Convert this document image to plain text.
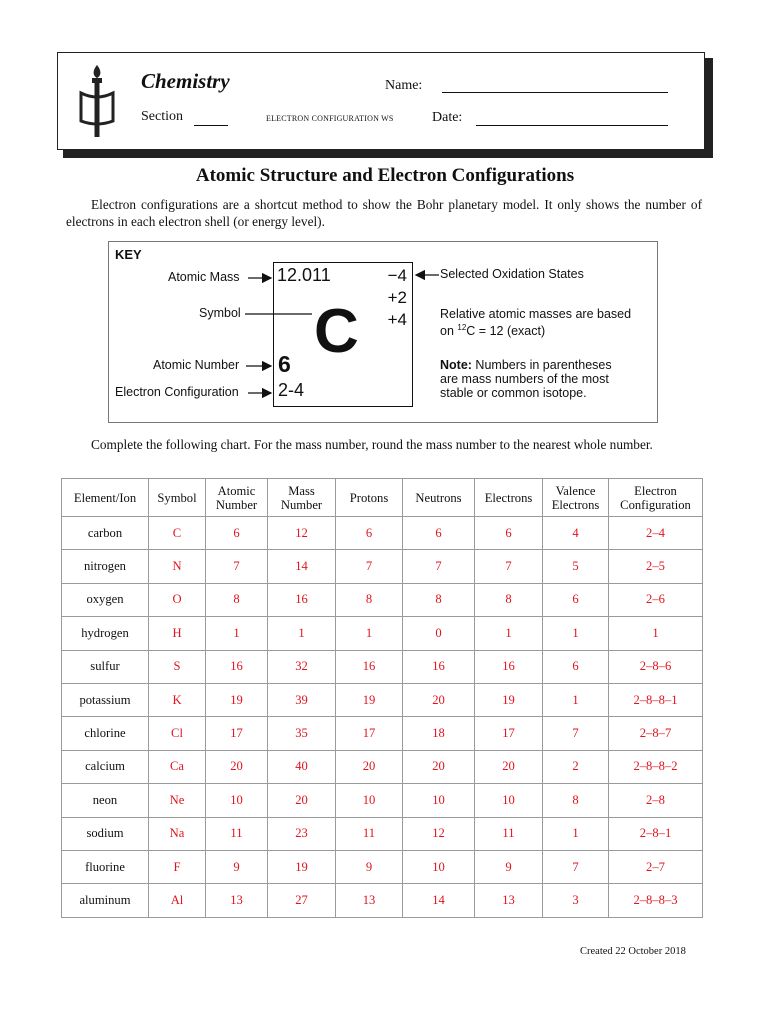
Chemistry
Section	ELECTRON CONFIGURATION WS
Name:
Date:
Atomic Structure and Electron Configurations
Electron configurations are a shortcut method to show the Bohr planetary model. It only shows the number of electrons in each electron shell (or energy level).
KEY
Atomic Mass
Symbol
Atomic Number
Electron Configuration
12.011	−4
+2
+4
C
6
2-4
Selected Oxidation States
Relative atomic masses are based
on $^{12}$C = 12 (exact)
Note: Numbers in parentheses
are mass numbers of the most
stable or common isotope.
Complete the following chart. For the mass number, round the mass number to the nearest whole number.
Element/Ion	Symbol	Atomic Number	Mass Number	Protons	Neutrons	Electrons	Valence Electrons	Electron Configuration
carbon	C	6	12	6	6	6	4	2–4
nitrogen	N	7	14	7	7	7	5	2–5
oxygen	O	8	16	8	8	8	6	2–6
hydrogen	H	1	1	1	0	1	1	1
sulfur	S	16	32	16	16	16	6	2–8–6
potassium	K	19	39	19	20	19	1	2–8–8–1
chlorine	Cl	17	35	17	18	17	7	2–8–7
calcium	Ca	20	40	20	20	20	2	2–8–8–2
neon	Ne	10	20	10	10	10	8	2–8
sodium	Na	11	23	11	12	11	1	2–8–1
fluorine	F	9	19	9	10	9	7	2–7
aluminum	Al	13	27	13	14	13	3	2–8–8–3
Created 22 October 2018
